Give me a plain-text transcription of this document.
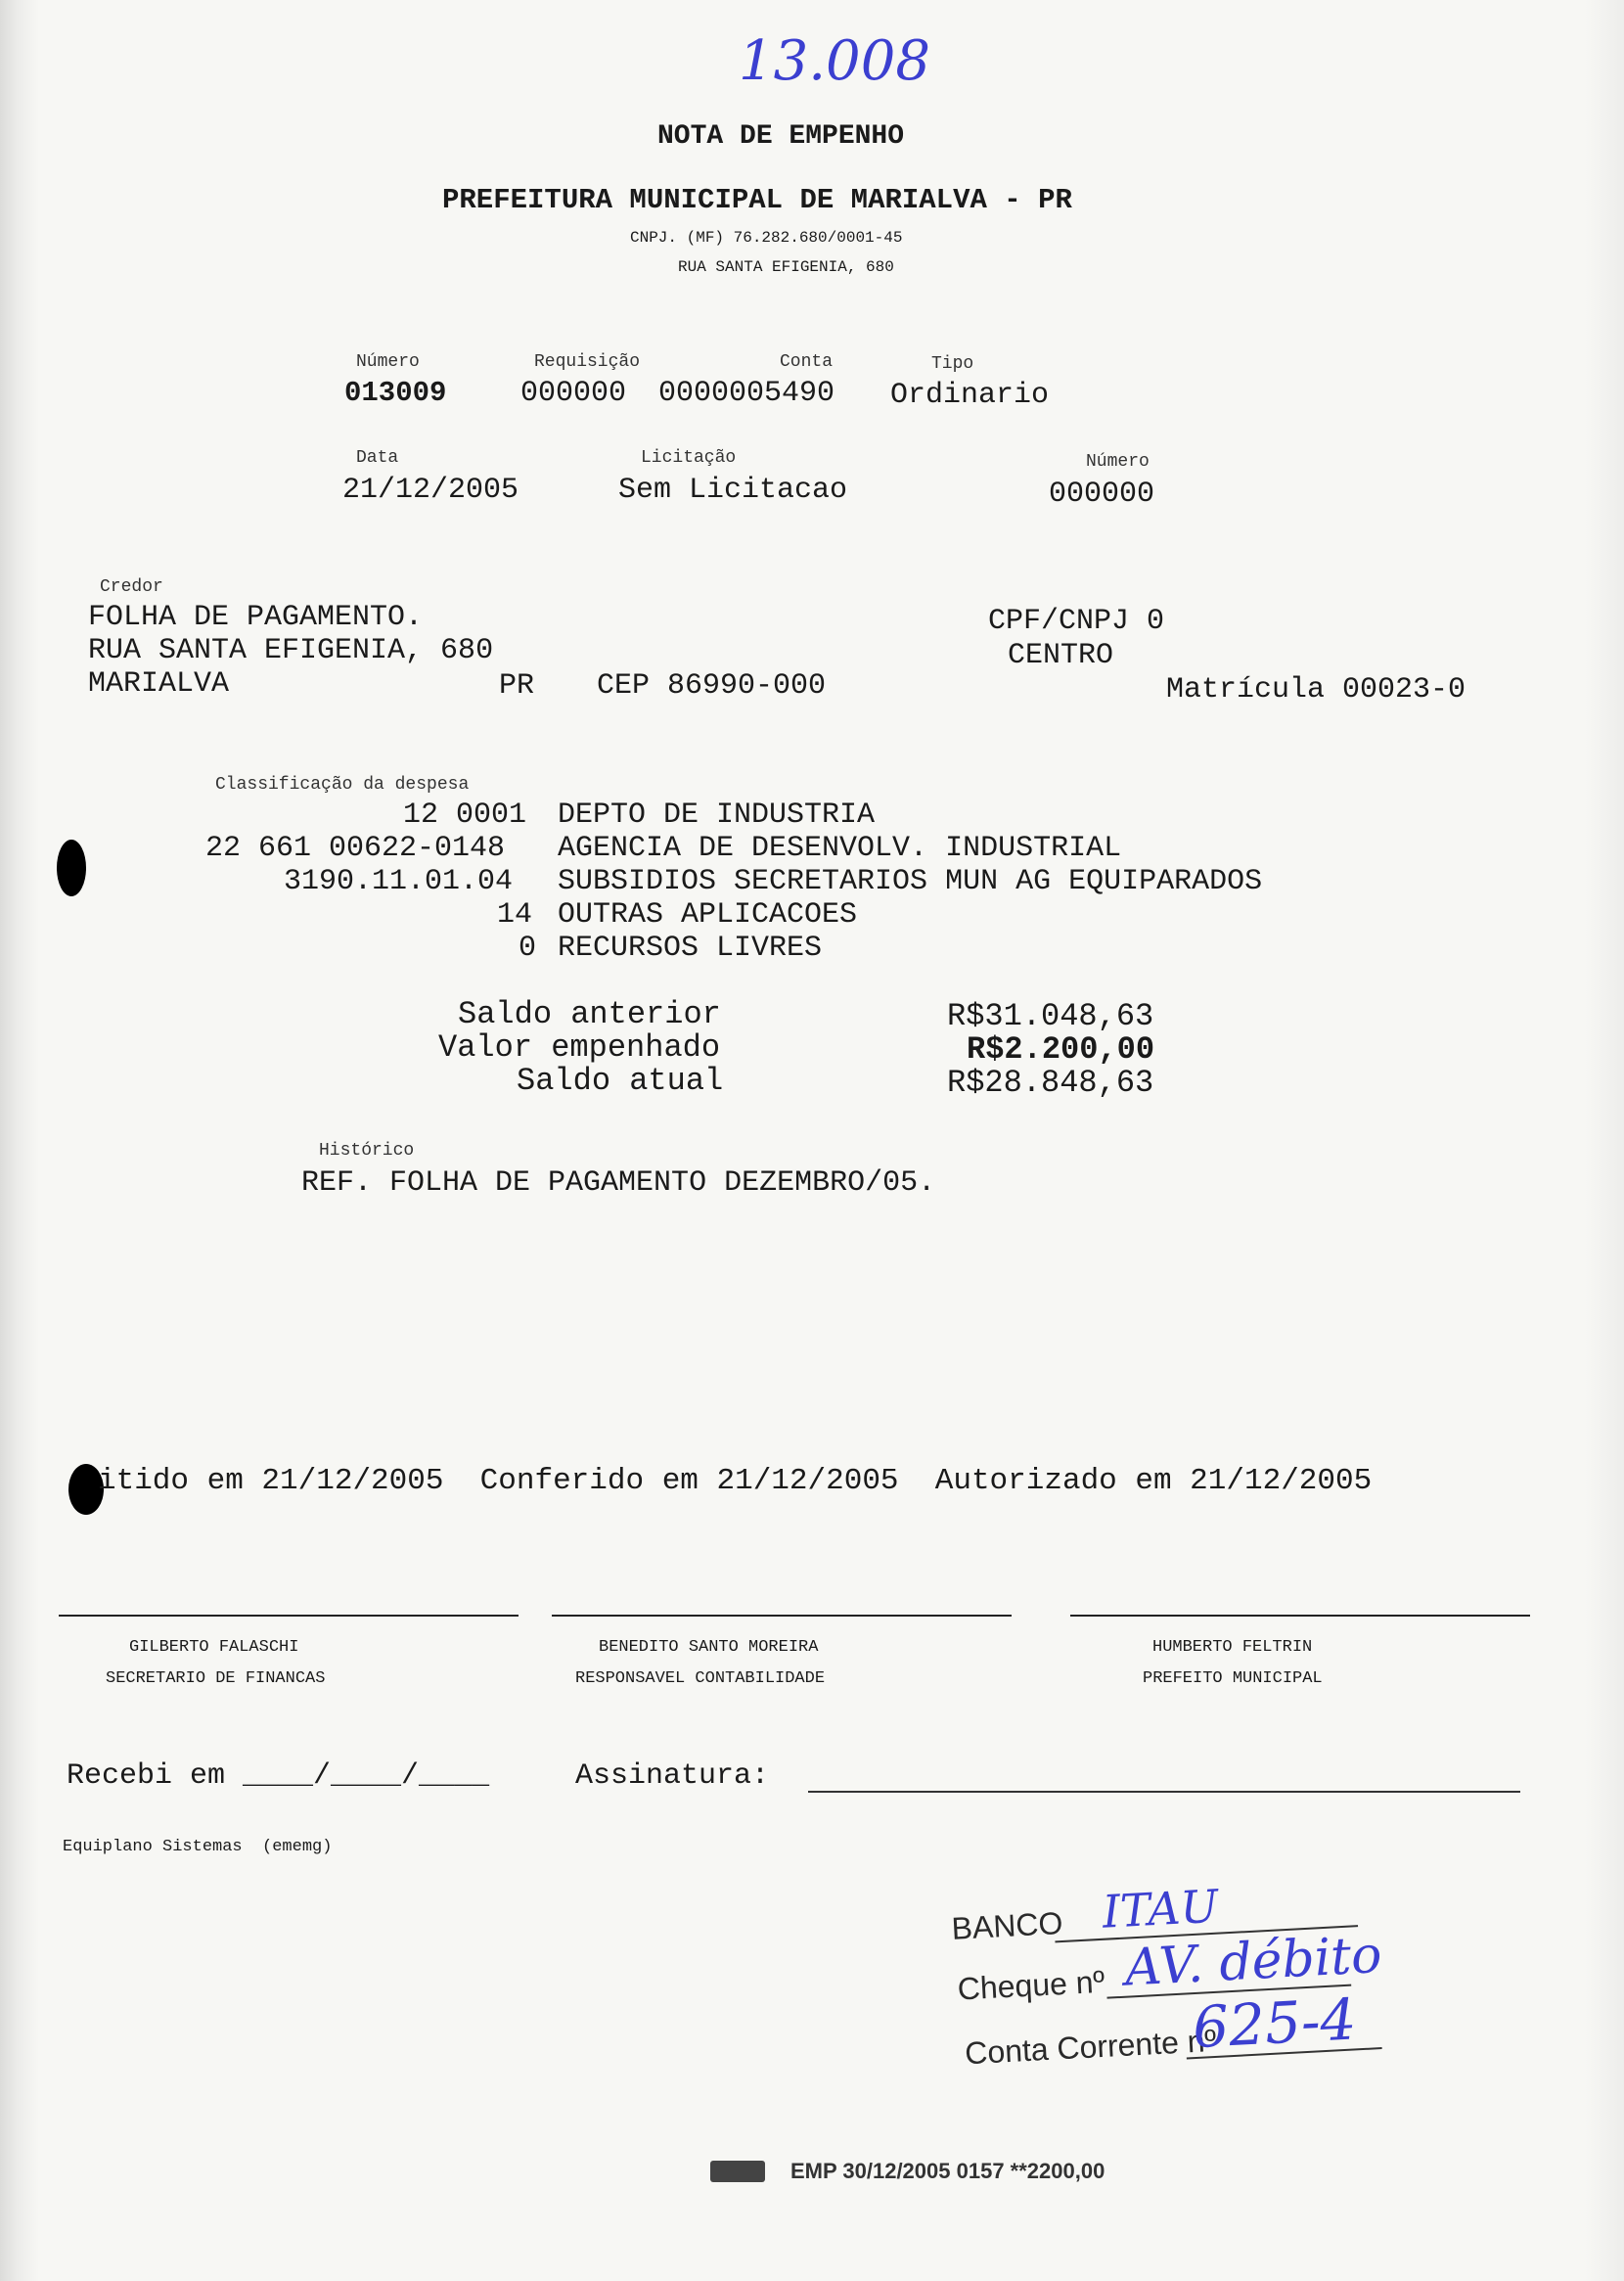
13.008
NOTA DE EMPENHO
PREFEITURA MUNICIPAL DE MARIALVA - PR
CNPJ. (MF) 76.282.680/0001-45
RUA SANTA EFIGENIA, 680
Número
013009
Requisição
000000
Conta
0000005490
Tipo
Ordinario
Data
21/12/2005
Licitação
Sem Licitacao
Número
000000
Credor
FOLHA DE PAGAMENTO.
RUA SANTA EFIGENIA, 680
MARIALVA	PR CEP 86990-000
CPF/CNPJ 0
CENTRO
Matrícula 00023-0
Classificação da despesa
12 0001 DEPTO DE INDUSTRIA
22 661 00622-0148 AGENCIA DE DESENVOLV. INDUSTRIAL
3190.11.01.04 SUBSIDIOS SECRETARIOS MUN AG EQUIPARADOS
14 OUTRAS APLICACOES
0 RECURSOS LIVRES
Saldo anterior	R$31.048,63
Valor empenhado	R$2.200,00
Saldo atual	R$28.848,63
Histórico
REF. FOLHA DE PAGAMENTO DEZEMBRO/05.
itido em 21/12/2005  Conferido em 21/12/2005  Autorizado em 21/12/2005
GILBERTO FALASCHI
SECRETARIO DE FINANCAS
BENEDITO SANTO MOREIRA
RESPONSAVEL CONTABILIDADE
HUMBERTO FELTRIN
PREFEITO MUNICIPAL
Recebi em ____/____/____	Assinatura:
Equiplano Sistemas  (ememg)
BANCO ITAU
Cheque nº AV. débito
Conta Corrente nº
625-4
EMP 30/12/2005 0157 **2200,00
